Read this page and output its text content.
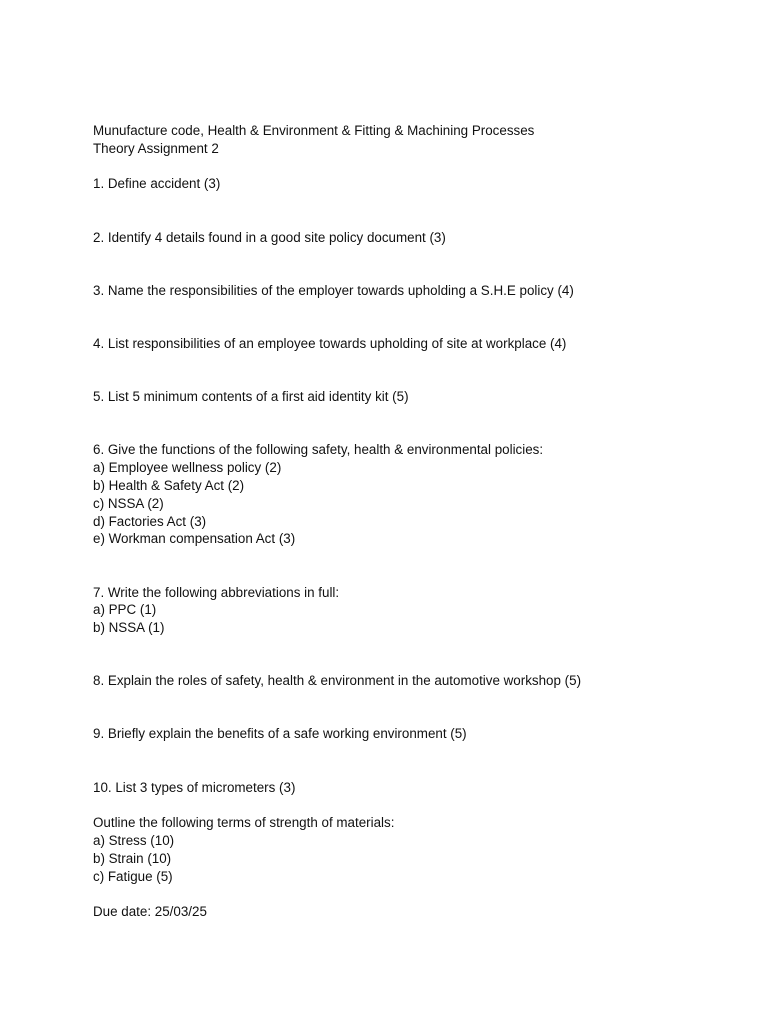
Munufacture code, Health & Environment & Fitting & Machining Processes
Theory Assignment 2
1. Define accident (3)
2. Identify 4 details found in a good site policy document (3)
3. Name the responsibilities of the employer towards upholding a S.H.E policy (4)
4. List responsibilities of an employee towards upholding of site at workplace (4)
5. List 5 minimum contents of a first aid identity kit (5)
6. Give the functions of the following safety, health & environmental policies:
a) Employee wellness policy (2)
b) Health & Safety Act (2)
c) NSSA (2)
d) Factories Act (3)
e) Workman compensation Act (3)
7. Write the following abbreviations in full:
a) PPC (1)
b) NSSA (1)
8. Explain the roles of safety, health & environment in the automotive workshop (5)
9. Briefly explain the benefits of a safe working environment (5)
10. List 3 types of micrometers (3)
Outline the following terms of strength of materials:
a) Stress (10)
b) Strain (10)
c) Fatigue (5)
Due date: 25/03/25
